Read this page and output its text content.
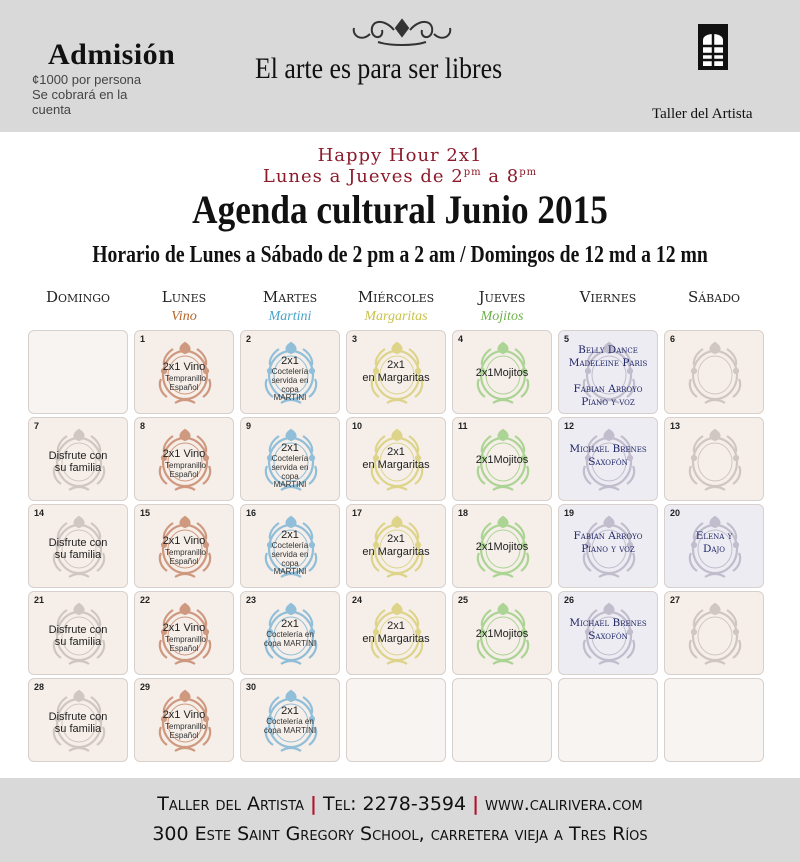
Admisión
¢1000 por persona
Se cobrará en la
cuenta
El arte es para ser libres
Taller del Artista
Happy Hour 2x1
Lunes a Jueves de $2^{pm}$ a $8^{pm}$
Agenda cultural Junio 2015
Horario de Lunes a Sábado de 2 pm a 2 am / Domingos de 12 md a 12 mn
Domingo	Lunes
Vino
Martes
Martini
Miércoles
Margaritas
Jueves
Mojitos
Viernes	Sábado
1
2x1 Vino
Tempranillo Español
2
2x1
Coctelería servida en copa MARTINI
3
2x1
en Margaritas
4
2x1Mojitos
5
Belly Dance
Madeleine Paris
Fabian Arroyo
Piano y voz
6
7
Disfrute con su familia
8
2x1 Vino
Tempranillo Español
9
2x1
Coctelería servida en copa MARTINI
10
2x1
en Margaritas
11
2x1Mojitos
12
Michael Brenes
Saxofón
13
14
Disfrute con su familia
15
2x1 Vino
Tempranillo Español
16
2x1
Coctelería servida en copa MARTINI
17
2x1
en Margaritas
18
2x1Mojitos
19
Fabian Arroyo
Piano y voz
20
Elena y
Dajo
21
Disfrute con su familia
22
2x1 Vino
Tempranillo Español
23
2x1
Coctelería en copa MARTINI
24
2x1
en Margaritas
25
2x1Mojitos
26
Michael Brenes
Saxofón
27
28
Disfrute con su familia
29
2x1 Vino
Tempranillo Español
30
2x1
Coctelería en copa MARTINI
Taller del Artista | Tel: 2278-3594 | www.calirivera.com
300 Este Saint Gregory School, carretera vieja a Tres Ríos
